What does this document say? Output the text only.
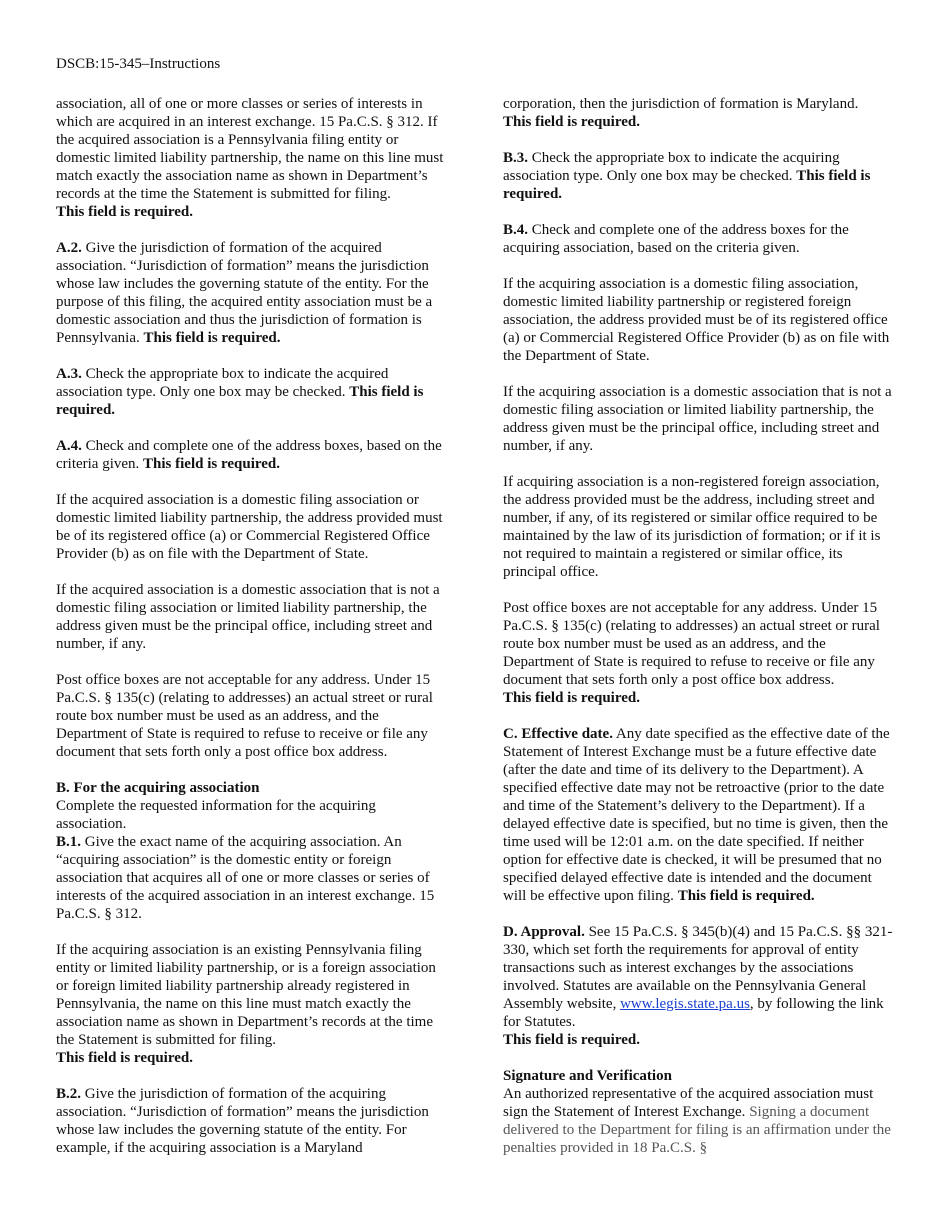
DSCB:15-345–Instructions

association, all of one or more classes or series of interests in which are acquired in an interest exchange. 15 Pa.C.S. § 312. If the acquired association is a Pennsylvania filing entity or domestic limited liability partnership, the name on this line must match exactly the association name as shown in Department’s records at the time the Statement is submitted for filing.
This field is required.

A.2. Give the jurisdiction of formation of the acquired association. “Jurisdiction of formation” means the jurisdiction whose law includes the governing statute of the entity. For the purpose of this filing, the acquired entity association must be a domestic association and thus the jurisdiction of formation is Pennsylvania. This field is required.

A.3. Check the appropriate box to indicate the acquired association type. Only one box may be checked. This field is required.

A.4. Check and complete one of the address boxes, based on the criteria given. This field is required.

If the acquired association is a domestic filing association or domestic limited liability partnership, the address provided must be of its registered office (a) or Commercial Registered Office Provider (b) as on file with the Department of State.

If the acquired association is a domestic association that is not a domestic filing association or limited liability partnership, the address given must be the principal office, including street and number, if any.

Post office boxes are not acceptable for any address. Under 15 Pa.C.S. § 135(c) (relating to addresses) an actual street or rural route box number must be used as an address, and the Department of State is required to refuse to receive or file any document that sets forth only a post office box address.

B. For the acquiring association

Complete the requested information for the acquiring association.

B.1. Give the exact name of the acquiring association. An “acquiring association” is the domestic entity or foreign association that acquires all of one or more classes or series of interests of the acquired association in an interest exchange. 15 Pa.C.S. § 312.

If the acquiring association is an existing Pennsylvania filing entity or limited liability partnership, or is a foreign association or foreign limited liability partnership already registered in Pennsylvania, the name on this line must match exactly the association name as shown in Department’s records at the time the Statement is submitted for filing.
This field is required.

B.2. Give the jurisdiction of formation of the acquiring association. “Jurisdiction of formation” means the jurisdiction whose law includes the governing statute of the entity. For example, if the acquiring association is a Maryland

corporation, then the jurisdiction of formation is Maryland.
This field is required.

B.3. Check the appropriate box to indicate the acquiring association type. Only one box may be checked. This field is required.

B.4. Check and complete one of the address boxes for the acquiring association, based on the criteria given.

If the acquiring association is a domestic filing association, domestic limited liability partnership or registered foreign association, the address provided must be of its registered office (a) or Commercial Registered Office Provider (b) as on file with the Department of State.

If the acquiring association is a domestic association that is not a domestic filing association or limited liability partnership, the address given must be the principal office, including street and number, if any.

If acquiring association is a non-registered foreign association, the address provided must be the address, including street and number, if any, of its registered or similar office required to be maintained by the law of its jurisdiction of formation; or if it is not required to maintain a registered or similar office, its principal office.

Post office boxes are not acceptable for any address. Under 15 Pa.C.S. § 135(c) (relating to addresses) an actual street or rural route box number must be used as an address, and the Department of State is required to refuse to receive or file any document that sets forth only a post office box address.
This field is required.

C. Effective date. Any date specified as the effective date of the Statement of Interest Exchange must be a future effective date (after the date and time of its delivery to the Department). A specified effective date may not be retroactive (prior to the date and time of the Statement’s delivery to the Department). If a delayed effective date is specified, but no time is given, then the time used will be 12:01 a.m. on the date specified. If neither option for effective date is checked, it will be presumed that no specified delayed effective date is intended and the document will be effective upon filing. This field is required.

D. Approval. See 15 Pa.C.S. § 345(b)(4) and 15 Pa.C.S. §§ 321-330, which set forth the requirements for approval of entity transactions such as interest exchanges by the associations involved. Statutes are available on the Pennsylvania General Assembly website, www.legis.state.pa.us, by following the link for Statutes.
This field is required.

Signature and Verification

An authorized representative of the acquired association must sign the Statement of Interest Exchange. Signing a document delivered to the Department for filing is an affirmation under the penalties provided in 18 Pa.C.S. §
